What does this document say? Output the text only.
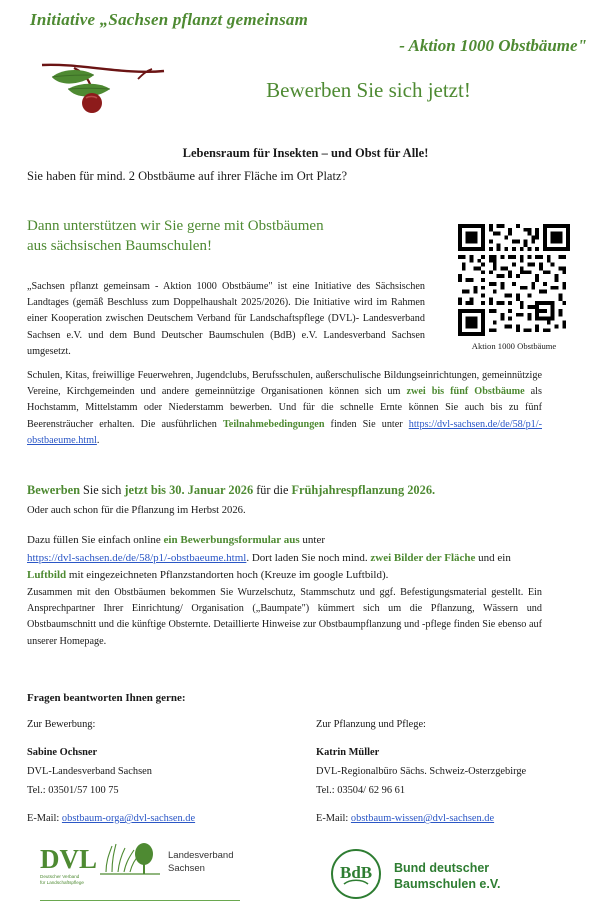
Initiative „Sachsen pflanzt gemeinsam
- Aktion 1000 Obstbäume"
Bewerben Sie sich jetzt!
Lebensraum für Insekten – und Obst für Alle!
Sie haben für mind. 2 Obstbäume auf ihrer Fläche im Ort Platz?
Dann unterstützen wir Sie gerne mit Obstbäumen
aus sächsischen Baumschulen!
Aktion 1000 Obstbäume
„Sachsen pflanzt gemeinsam - Aktion 1000 Obstbäume" ist eine Initiative des Sächsischen Landtages (gemäß Beschluss zum Doppelhaushalt 2025/2026). Die Initiative wird im Rahmen einer Kooperation zwischen Deutschem Verband für Landschaftspflege (DVL)- Landesverband Sachsen e.V. und dem Bund Deutscher Baumschulen (BdB) e.V. Landesverband Sachsen umgesetzt.
Schulen, Kitas, freiwillige Feuerwehren, Jugendclubs, Berufsschulen, außerschulische Bildungseinrichtungen, gemeinnützige Vereine, Kirchgemeinden und andere gemeinnützige Organisationen können sich um zwei bis fünf Obstbäume als Hochstamm, Mittelstamm oder Niederstamm bewerben. Und für die schnelle Ernte können Sie auch bis zu fünf Beerensträucher erhalten. Die ausführlichen Teilnahmebedingungen finden Sie unter https://dvl-sachsen.de/de/58/p1/-obstbaeume.html.
Bewerben Sie sich jetzt bis 30. Januar 2026 für die Frühjahrespflanzung 2026.
Oder auch schon für die Pflanzung im Herbst 2026.
Dazu füllen Sie einfach online ein Bewerbungsformular aus unter
https://dvl-sachsen.de/de/58/p1/-obstbaeume.html. Dort laden Sie noch mind. zwei Bilder der Fläche und ein Luftbild mit eingezeichneten Pflanzstandorten hoch (Kreuze im google Luftbild).
Zusammen mit den Obstbäumen bekommen Sie Wurzelschutz, Stammschutz und ggf. Befestigungsmaterial gestellt. Ein Ansprechpartner Ihrer Einrichtung/ Organisation („Baumpate") kümmert sich um die Pflanzung, Wässern und Obstbaumschnitt und die künftige Obsternte. Detaillierte Hinweise zur Obstbaumpflanzung und -pflege finden Sie ebenso auf unserer Homepage.
Fragen beantworten Ihnen gerne:
Zur Bewerbung:
Sabine Ochsner
DVL-Landesverband Sachsen
Tel.: 03501/57 100 75
E-Mail: obstbaum-orga@dvl-sachsen.de
Zur Pflanzung und Pflege:
Katrin Müller
DVL-Regionalbüro Sächs. Schweiz-Osterzgebirge
Tel.: 03504/ 62 96 61
E-Mail: obstbaum-wissen@dvl-sachsen.de
DVL
Deutscher Verband
für Landschaftspflege
Landesverband
Sachsen	BdB Bund deutscher
Baumschulen e.V.
